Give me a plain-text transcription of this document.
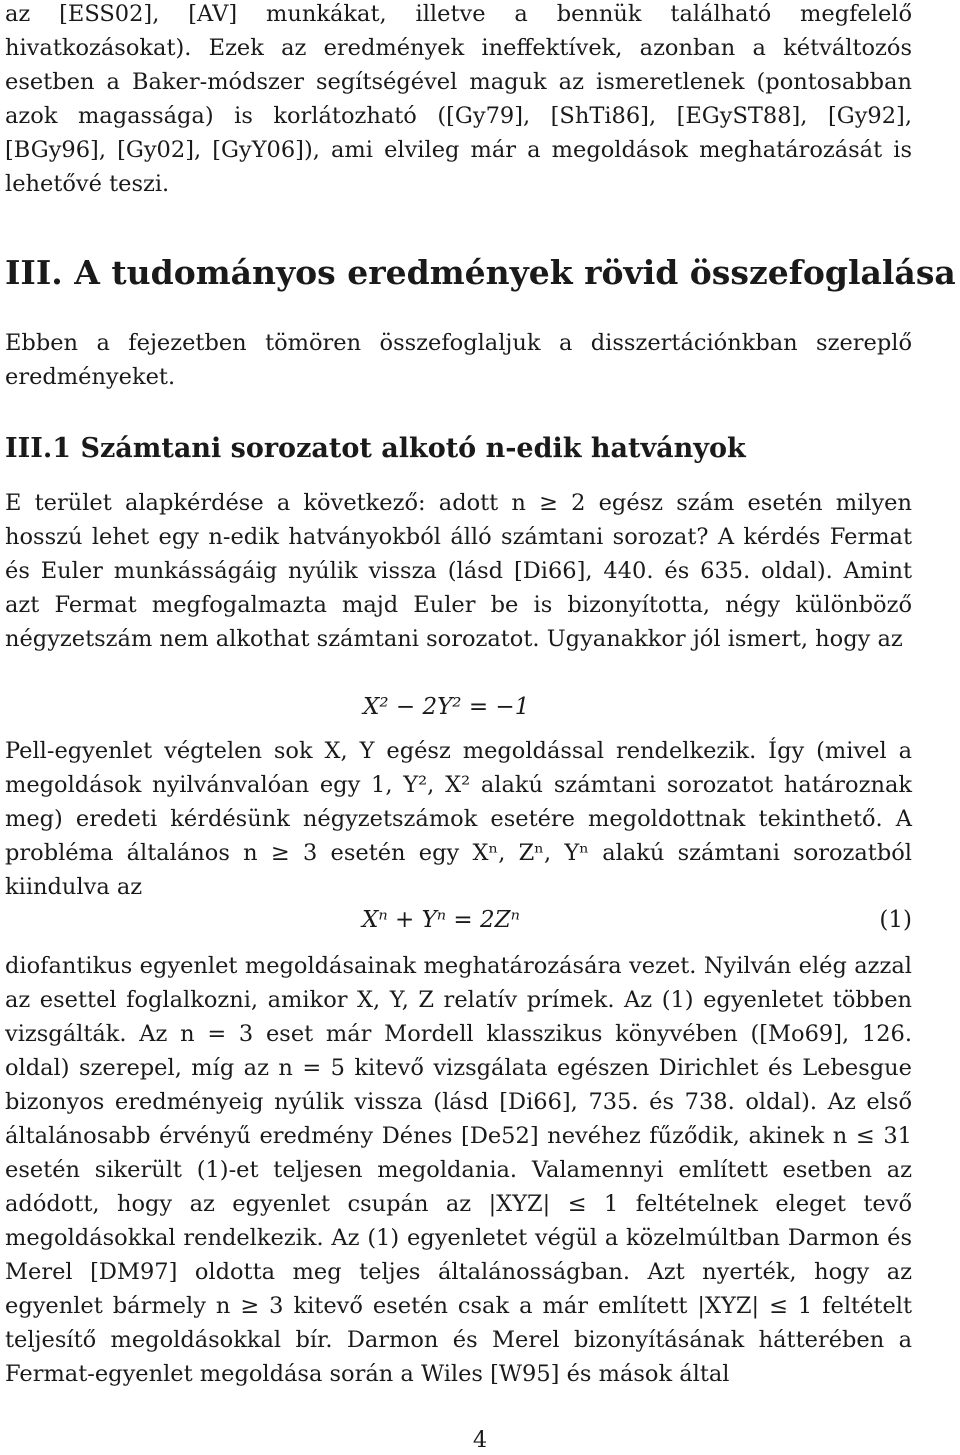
az [ESS02], [AV] munkákat, illetve a bennük található megfelelő hivatkozásokat). Ezek az eredmények ineffektívek, azonban a kétváltozós esetben a Baker-módszer segítségével maguk az ismeretlenek (pontosabban azok magassága) is korlátozható ([Gy79], [ShTi86], [EGyST88], [Gy92], [BGy96], [Gy02], [GyY06]), ami elvileg már a megoldások meghatározását is lehetővé teszi.

III. A tudományos eredmények rövid összefoglalása

Ebben a fejezetben tömören összefoglaljuk a disszertációnkban szereplő eredményeket.

III.1 Számtani sorozatot alkotó n-edik hatványok

E terület alapkérdése a következő: adott n ≥ 2 egész szám esetén milyen hosszú lehet egy n-edik hatványokból álló számtani sorozat? A kérdés Fermat és Euler munkásságáig nyúlik vissza (lásd [Di66], 440. és 635. oldal). Amint azt Fermat megfogalmazta majd Euler be is bizonyította, négy különböző négyzetszám nem alkothat számtani sorozatot. Ugyanakkor jól ismert, hogy az

X² − 2Y² = −1

Pell-egyenlet végtelen sok X, Y egész megoldással rendelkezik. Így (mivel a megoldások nyilvánvalóan egy 1, Y², X² alakú számtani sorozatot határoznak meg) eredeti kérdésünk négyzetszámok esetére megoldottnak tekinthető. A probléma általános n ≥ 3 esetén egy Xⁿ, Zⁿ, Yⁿ alakú számtani sorozatból kiindulva az

Xⁿ + Yⁿ = 2Zⁿ	(1)

diofantikus egyenlet megoldásainak meghatározására vezet. Nyilván elég azzal az esettel foglalkozni, amikor X, Y, Z relatív prímek. Az (1) egyenletet többen vizsgálták. Az n = 3 eset már Mordell klasszikus könyvében ([Mo69], 126. oldal) szerepel, míg az n = 5 kitevő vizsgálata egészen Dirichlet és Lebesgue bizonyos eredményeig nyúlik vissza (lásd [Di66], 735. és 738. oldal). Az első általánosabb érvényű eredmény Dénes [De52] nevéhez fűződik, akinek n ≤ 31 esetén sikerült (1)-et teljesen megoldania. Valamennyi említett esetben az adódott, hogy az egyenlet csupán az |XYZ| ≤ 1 feltételnek eleget tevő megoldásokkal rendelkezik. Az (1) egyenletet végül a közelmúltban Darmon és Merel [DM97] oldotta meg teljes általánosságban. Azt nyerték, hogy az egyenlet bármely n ≥ 3 kitevő esetén csak a már említett |XYZ| ≤ 1 feltételt teljesítő megoldásokkal bír. Darmon és Merel bizonyításának hátterében a Fermat-egyenlet megoldása során a Wiles [W95] és mások által

4
